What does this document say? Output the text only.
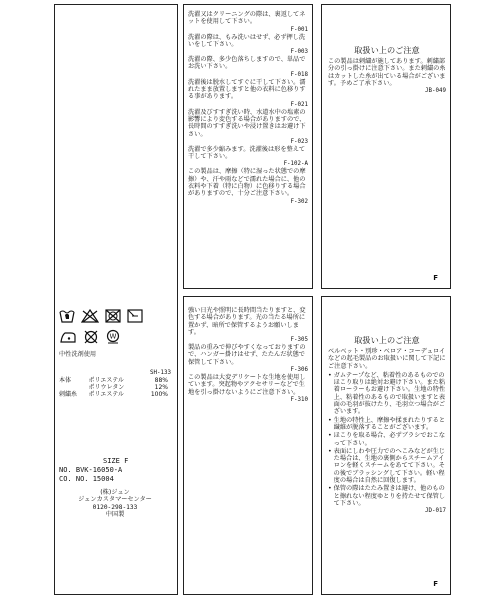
W
中性洗剤使用
SH-133
本体	ポリエステル	88%
	ポリウレタン	12%
刺繍糸	ポリエステル	100%
SIZE F
NO. BVK-16050-A
CO. NO. 15004
(株)ジュン
ジュンカスタマーセンター
0120-298-133
中国製
洗濯又はクリーニングの際は、裏返してネットを使用して下さい。
F-001
洗濯の際は、もみ洗いはせず、必ず押し洗いをして下さい。
F-003
洗濯の際、多少色落ちしますので、単品でお洗い下さい。
F-018
洗濯後は脱水してすぐに干して下さい。濡れたまま放置しますと他の衣料に色移りする事があります。
F-021
洗濯及びすすぎ洗い時、水道水中の塩素の影響により変色する場合がありますので、長時間のすすぎ洗いや浸け置きはお避け下さい。
F-023
洗濯で多少縮みます。洗濯後は形を整えて干して下さい。
F-102-A
この製品は、摩擦（特に湿った状態での摩擦）や、汗や雨などで濡れた場合に、他の衣料や下着（特に白物）に色移りする場合がありますので、十分ご注意下さい。
F-302
強い日光や照明に長時間当たりますと、変色する場合があります。光の当たる場所に置かず、暗所で保管するようお願いします。
F-305
製品の重みで伸びやすくなっておりますので、ハンガー掛けはせず、たたんだ状態で保管して下さい。
F-306
この製品は大変デリケートな生地を使用しています。突起物やアクセサリーなどで生地を引っ掛けないようにご注意下さい。
F-310
取扱い上のご注意
この製品は刺繍が施してあります。刺繍部分の引っ掛けに注意下さい。また刺繍の糸はカットした糸が出ている場合がございます。予めご了承下さい。
JB-049
F
取扱い上のご注意
ベルベット・別珍・ベロア・コーデュロイなどの起毛製品のお取扱いに関して下記にご注意下さい。
• ガムテープなど、粘着性のあるものでのほこり取りは絶対お避け下さい。また粘着ローラーもお避け下さい。生地の特性上、粘着性のあるもので取扱いますと表面の毛羽が抜けたり、毛羽立つ場合がございます。
• 生地の特性上、摩擦や揉まれたりすると繊維が脱落することがございます。
• ほこりを取る場合、必ずブラシでおこなって下さい。
• 表面にしわや圧力でのへこみなどが生じた場合は、生地の裏側からスチームアイロンを軽くスチームをあてて下さい。その後でブラッシングして下さい。軽い程度の場合は自然に回復します。
• 保管の際はたたみ置きは避け、他のものと擦れない程度ゆとりを持たせて保管して下さい。
JD-017
F
